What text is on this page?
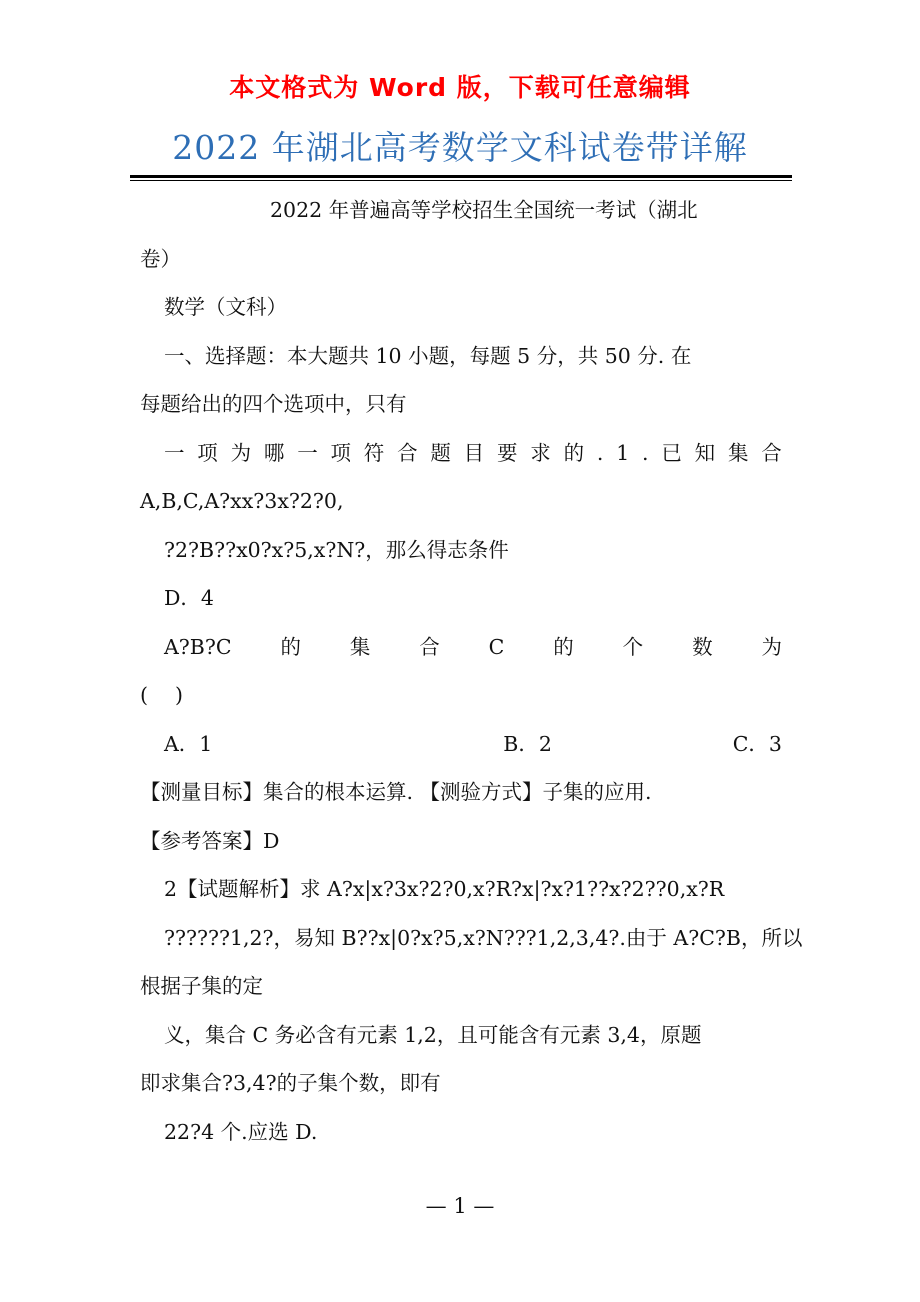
本文格式为 Word 版，下载可任意编辑
2022 年湖北高考数学文科试卷带详解
2022 年普遍高等学校招生全国统一考试（湖北
卷）
数学（文科）
一、选择题：本大题共 10 小题，每题 5 分，共 50 分. 在
每题给出的四个选项中，只有
一 项 为 哪 一 项 符 合 题 目 要 求 的 . 1 . 已 知 集 合
A,B,C,A?xx?3x?2?0,
?2?B??x0?x?5,x?N?，那么得志条件
D．4
A?B?C 的 集 合 C 的 个 数 为
(　 )
A．1	B．2	C．3
【测量目标】集合的根本运算. 【测验方式】子集的应用.
【参考答案】D
2【试题解析】求 A?x|x?3x?2?0,x?R?x|?x?1??x?2??0,x?R
??????1,2?，易知 B??x|0?x?5,x?N???1,2,3,4?.由于 A?C?B，所以
根据子集的定
义，集合 C 务必含有元素 1,2，且可能含有元素 3,4，原题
即求集合?3,4?的子集个数，即有
22?4 个.应选 D.
— 1 —
